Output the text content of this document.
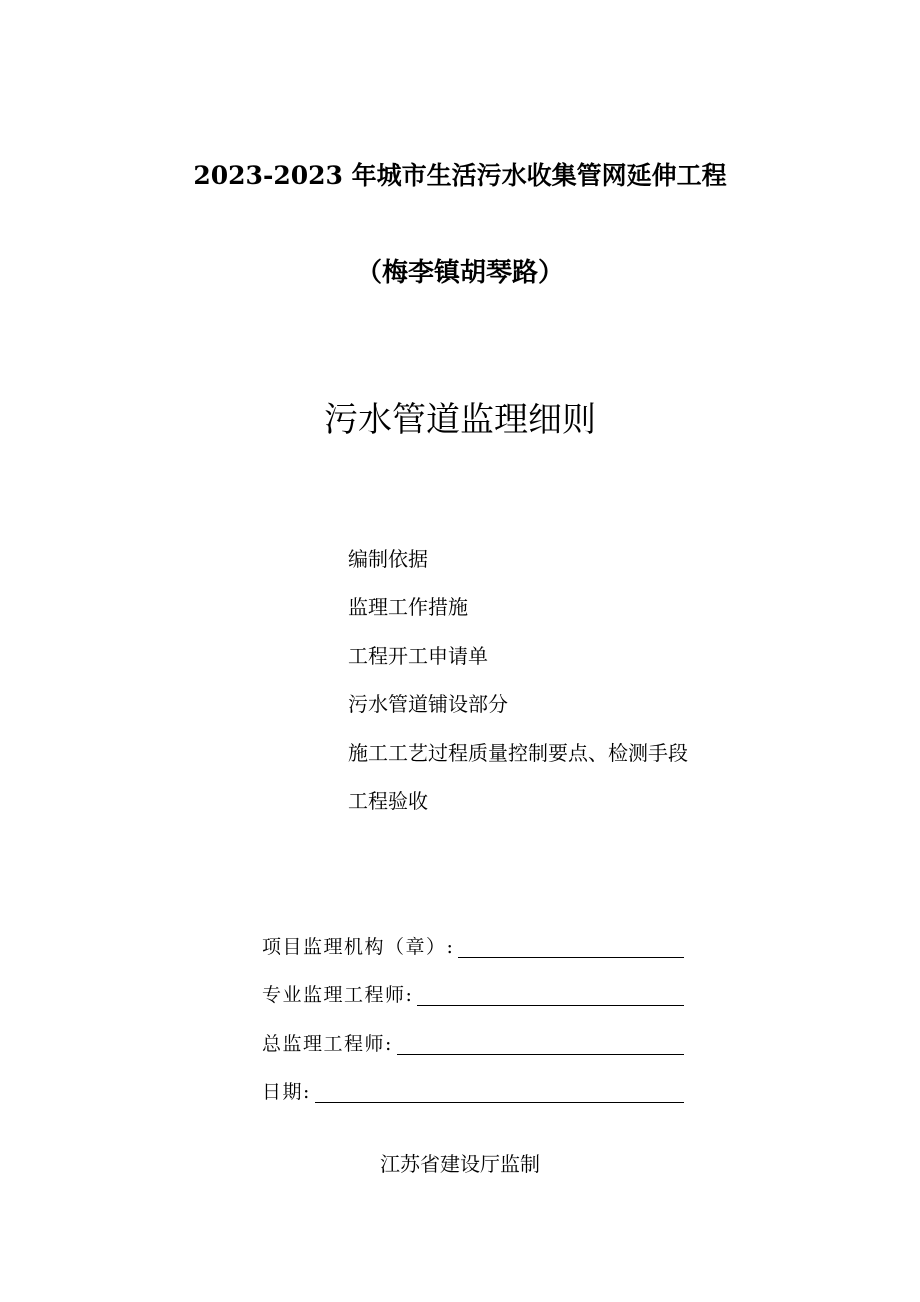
2023-2023 年城市生活污水收集管网延伸工程
（梅李镇胡琴路）
污水管道监理细则
编制依据
监理工作措施
工程开工申请单
污水管道铺设部分
施工工艺过程质量控制要点、检测手段
工程验收
项目监理机构（章）:
专业监理工程师:
总监理工程师:
日期:
江苏省建设厅监制
